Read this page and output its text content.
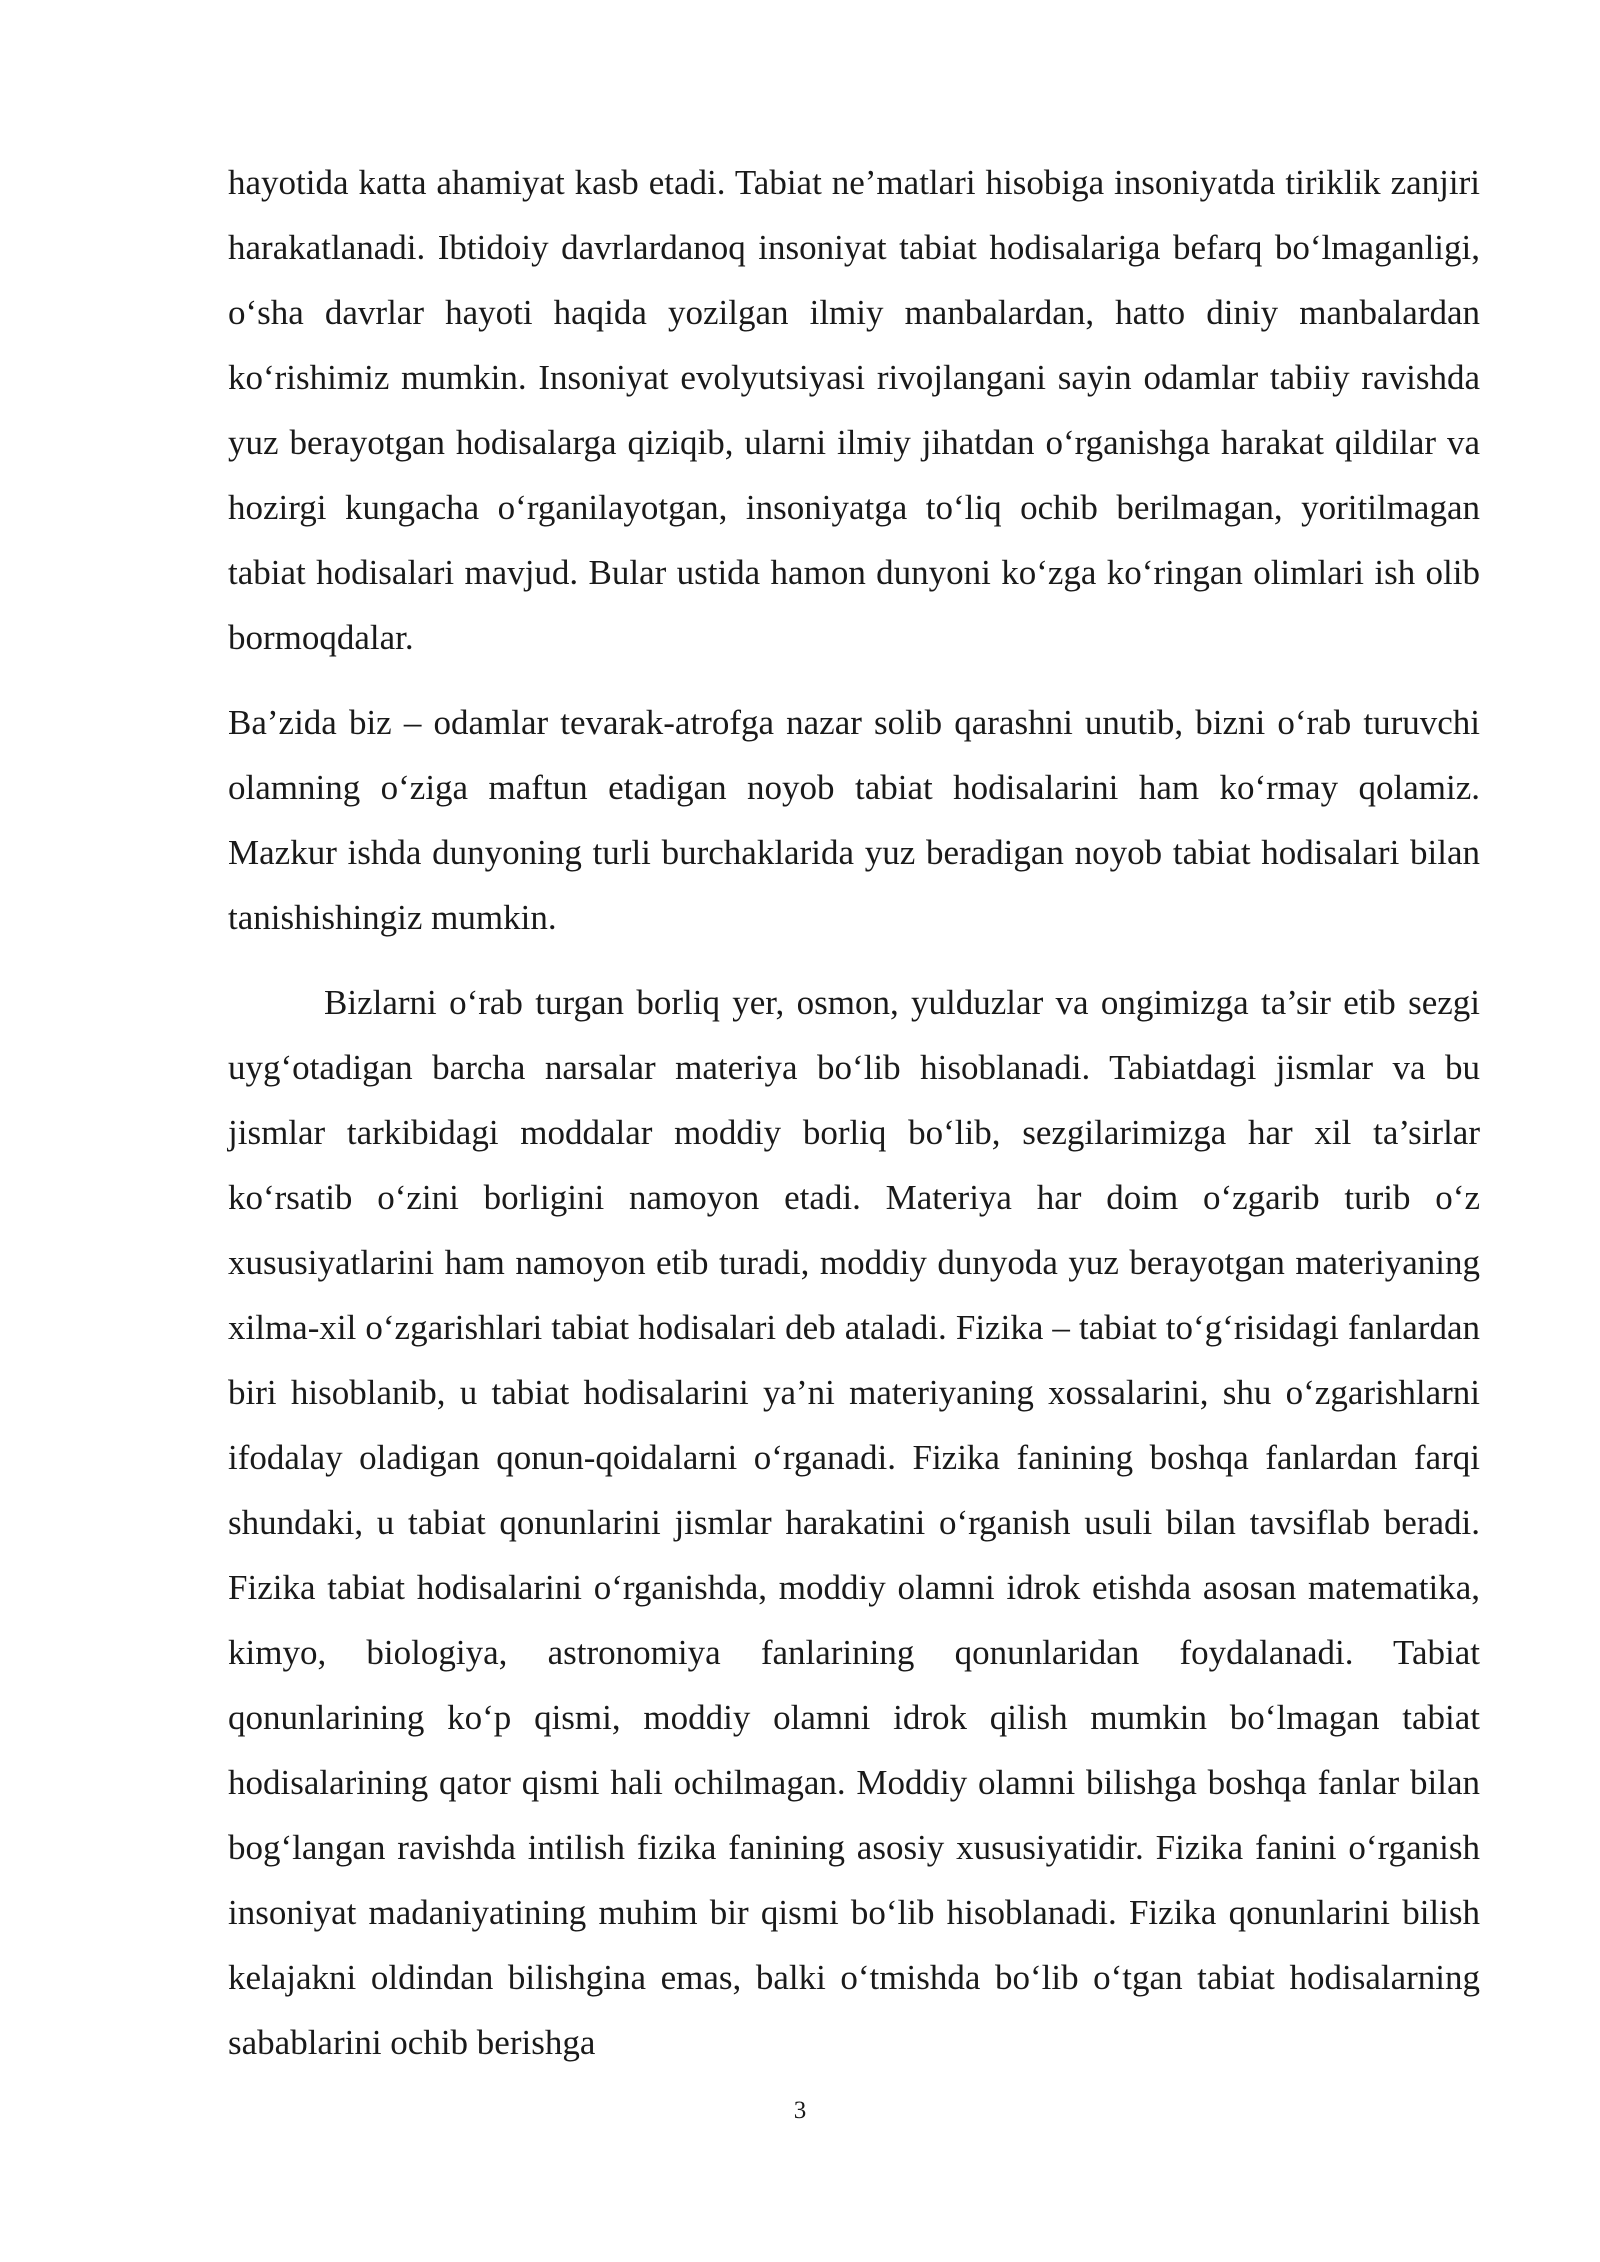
hayotida katta ahamiyat kasb etadi. Tabiat ne’matlari hisobiga insoniyatda tiriklik zanjiri harakatlanadi. Ibtidoiy davrlardanoq insoniyat tabiat hodisalariga befarq bo‘lmaganligi, o‘sha davrlar hayoti haqida yozilgan ilmiy manbalardan, hatto diniy manbalardan ko‘rishimiz mumkin. Insoniyat evolyutsiyasi rivojlangani sayin odamlar tabiiy ravishda yuz berayotgan hodisalarga qiziqib, ularni ilmiy jihatdan o‘rganishga harakat qildilar va hozirgi kungacha o‘rganilayotgan, insoniyatga to‘liq ochib berilmagan, yoritilmagan tabiat hodisalari mavjud. Bular ustida hamon dunyoni ko‘zga ko‘ringan olimlari ish olib bormoqdalar.

Ba’zida biz – odamlar tevarak-atrofga nazar solib qarashni unutib, bizni o‘rab turuvchi olamning o‘ziga maftun etadigan noyob tabiat hodisalarini ham ko‘rmay qolamiz. Mazkur ishda dunyoning turli burchaklarida yuz beradigan noyob tabiat hodisalari bilan tanishishingiz mumkin.

Bizlarni o‘rab turgan borliq yer, osmon, yulduzlar va ongimizga ta’sir etib sezgi uyg‘otadigan barcha narsalar materiya bo‘lib hisoblanadi. Tabiatdagi jismlar va bu jismlar tarkibidagi moddalar moddiy borliq bo‘lib, sezgilarimizga har xil ta’sirlar ko‘rsatib o‘zini borligini namoyon etadi. Materiya har doim o‘zgarib turib o‘z xususiyatlarini ham namoyon etib turadi, moddiy dunyoda yuz berayotgan materiyaning xilma-xil o‘zgarishlari tabiat hodisalari deb ataladi. Fizika – tabiat to‘g‘risidagi fanlardan biri hisoblanib, u tabiat hodisalarini ya’ni materiyaning xossalarini, shu o‘zgarishlarni ifodalay oladigan qonun-qoidalarni o‘rganadi. Fizika fanining boshqa fanlardan farqi shundaki, u tabiat qonunlarini jismlar harakatini o‘rganish usuli bilan tavsiflab beradi. Fizika tabiat hodisalarini o‘rganishda, moddiy olamni idrok etishda asosan matematika, kimyo, biologiya, astronomiya fanlarining qonunlaridan foydalanadi. Tabiat qonunlarining ko‘p qismi, moddiy olamni idrok qilish mumkin bo‘lmagan tabiat hodisalarining qator qismi hali ochilmagan. Moddiy olamni bilishga boshqa fanlar bilan bog‘langan ravishda intilish fizika fanining asosiy xususiyatidir. Fizika fanini o‘rganish insoniyat madaniyatining muhim bir qismi bo‘lib hisoblanadi. Fizika qonunlarini bilish kelajakni oldindan bilishgina emas, balki o‘tmishda bo‘lib o‘tgan tabiat hodisalarning sabablarini ochib berishga

3
